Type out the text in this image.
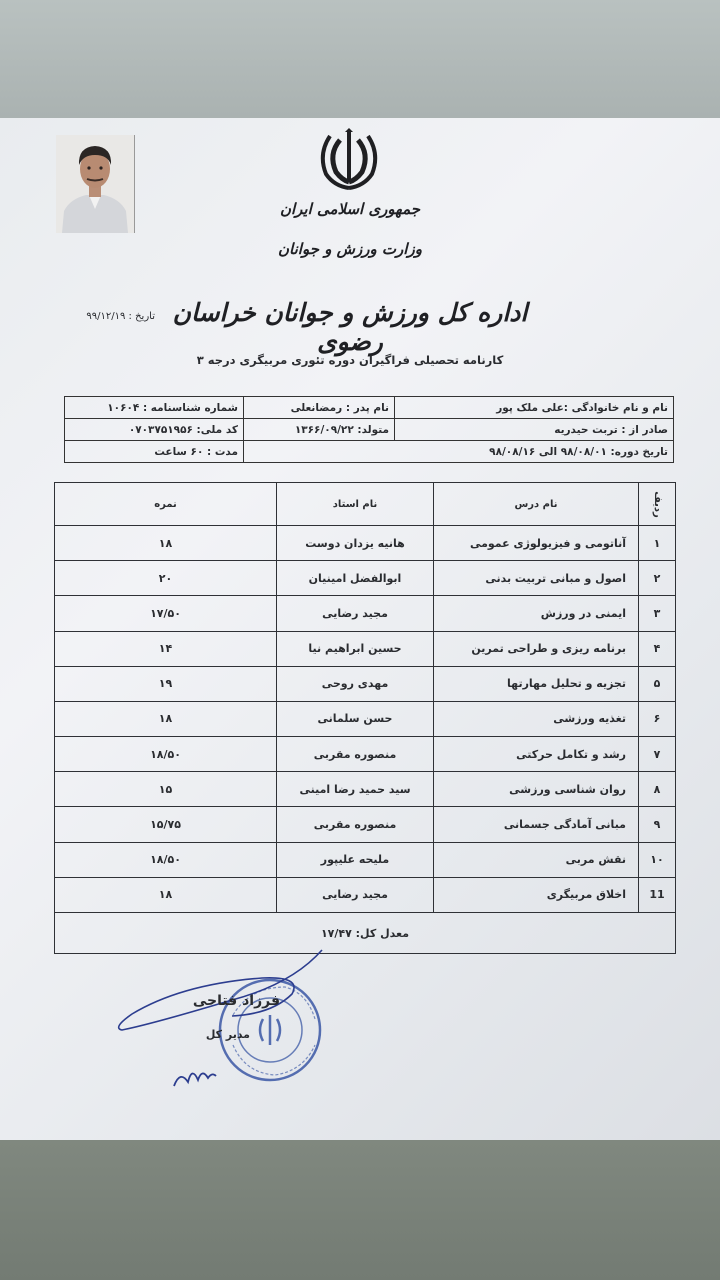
جمهوری اسلامی ایران
وزارت ورزش و جوانان
اداره کل ورزش و جوانان خراسان رضوی
کارنامه تحصیلی فراگیران دوره تئوری مربیگری درجه ۳
تاریخ : ۹۹/۱۲/۱۹
نام و نام خانوادگی :علی ملک پور	نام پدر : رمضانعلی	شماره شناسنامه : ۱۰۶۰۴
صادر از : تربت حیدریه	متولد: ۱۳۶۶/۰۹/۲۲	کد ملی: ۰۷۰۳۷۵۱۹۵۶
تاریخ دوره: ۹۸/۰۸/۰۱ الی ۹۸/۰۸/۱۶		مدت : ۶۰ ساعت
ردیف	نام درس	نام استاد	نمره
۱	آناتومی و فیزیولوژی عمومی	هانیه یزدان دوست	۱۸
۲	اصول و مبانی تربیت بدنی	ابوالفضل امینیان	۲۰
۳	ایمنی در ورزش	مجید رضایی	۱۷/۵۰
۴	برنامه ریزی و طراحی تمرین	حسین ابراهیم نیا	۱۴
۵	تجزیه و تحلیل مهارتها	مهدی روحی	۱۹
۶	تغذیه ورزشی	حسن سلمانی	۱۸
۷	رشد و تکامل حرکتی	منصوره مقربی	۱۸/۵۰
۸	روان شناسی ورزشی	سید حمید رضا امینی	۱۵
۹	مبانی آمادگی جسمانی	منصوره مقربی	۱۵/۷۵
۱۰	نقش مربی	ملیحه علیپور	۱۸/۵۰
11	اخلاق مربیگری	مجید رضایی	۱۸
معدل کل: ۱۷/۴۷			
فرزاد فتاحی
مدیر کل
